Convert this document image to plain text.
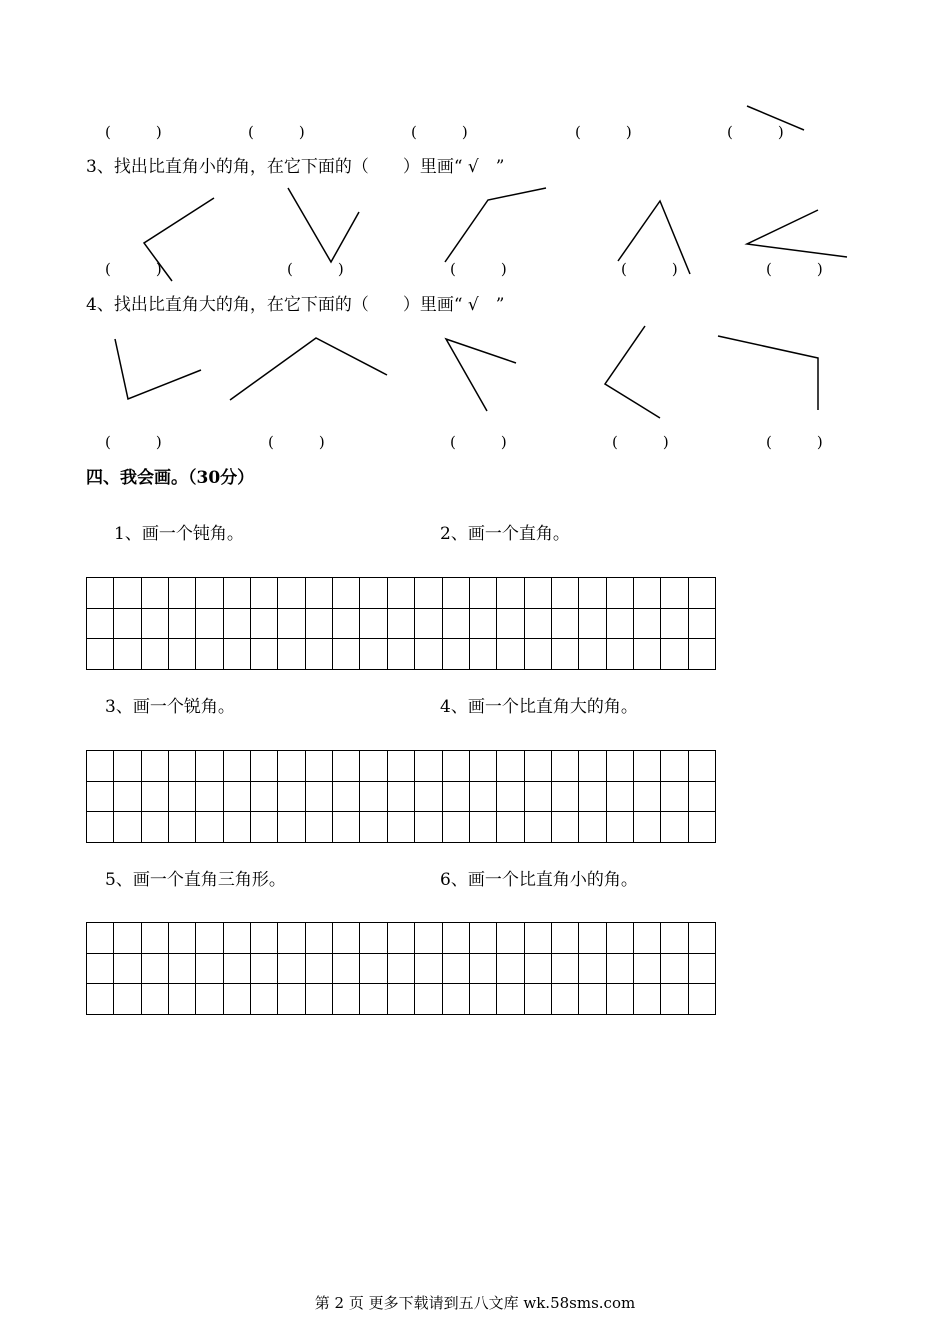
(　　　)	(　　　)	(　　　)	(　　　)	(　　　)
3、找出比直角小的角，在它下面的（　　）里画“ √　”
(　　　)	(　　　)	(　　　)	(　　　)	(　　　)
4、找出比直角大的角，在它下面的（　　）里画“ √　”
(　　　)	(　　　)	(　　　)	(　　　)	(　　　)
四、我会画。（30分）
1、画一个钝角。	2、画一个直角。
3、画一个锐角。	4、画一个比直角大的角。
5、画一个直角三角形。	6、画一个比直角小的角。
第 2 页 更多下载请到五八文库 wk.58sms.com
